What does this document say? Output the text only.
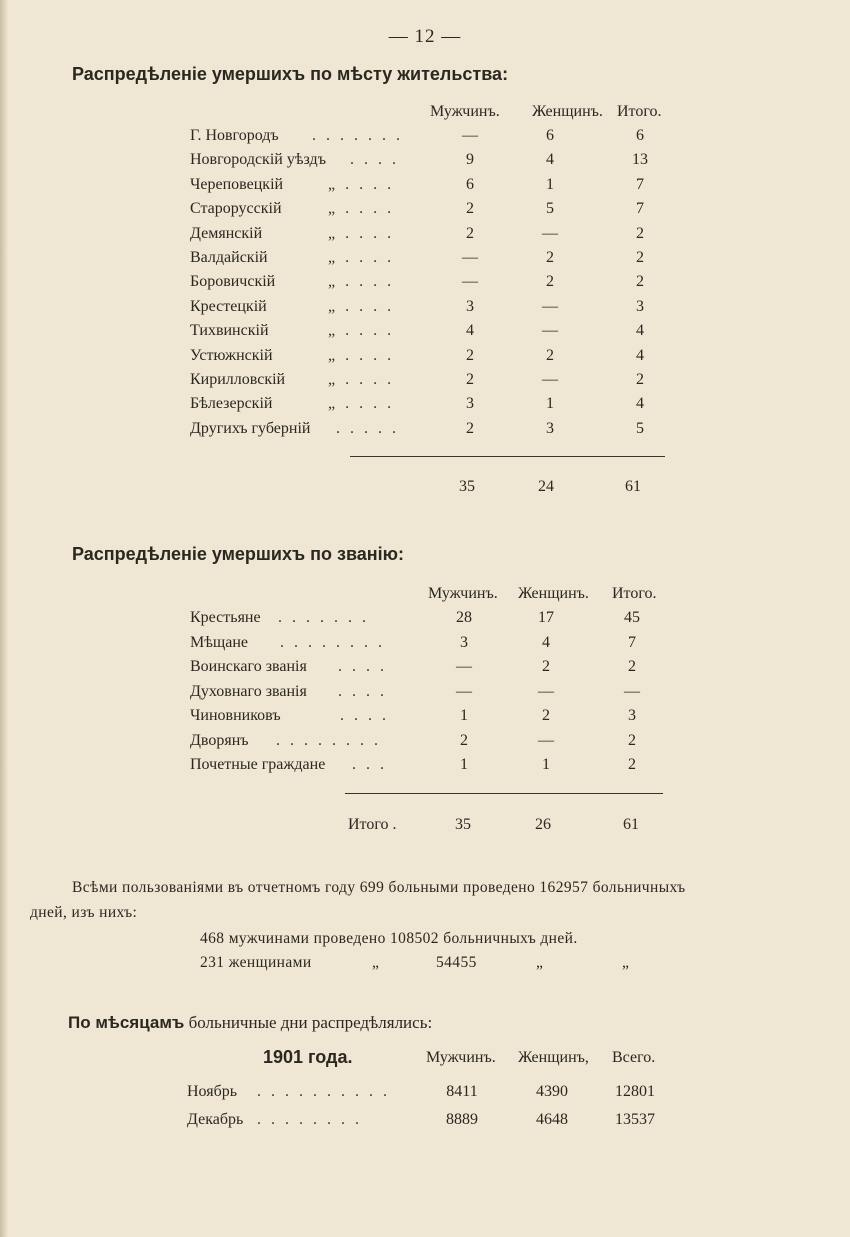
— 12 —
Распредѣленіе умершихъ по мѣсту жительства:
Мужчинъ. Женщинъ. Итого.
Г. Новгородъ . . . . . . .	—	6	6
Новгородскій уѣздъ . . . .	9	4	13
Череповецкій	„ . . . .	6	1	7
Старорусскій	„ . . . .	2	5	7
Демянскій	„ . . . .	2	—	2
Валдайскій	„ . . . .	—	2	2
Боровичскій	„ . . . .	—	2	2
Крестецкій	„ . . . .	3	—	3
Тихвинскій	„ . . . .	4	—	4
Устюжнскій	„ . . . .	2	2	4
Кирилловскій	„ . . . .	2	—	2
Бѣлезерскій	„ . . . .	3	1	4
Другихъ губерній . . . . .	2	3	5
35	24	61
Распредѣленіе умершихъ по званію:
Мужчинъ. Женщинъ. Итого.
Крестьяне . . . . . . .	28	17	45
Мѣщане . . . . . . . .	3	4	7
Воинскаго званія . . . .	—	2	2
Духовнаго званія . . . .	—	—	—
Чиновниковъ	. . . .	1	2	3
Дворянъ . . . . . . . .	2	—	2
Почетные граждане . . .	1	1	2
Итого .	35	26	61
Всѣми пользованіями въ отчетномъ году 699 больными проведено 162957 больничныхъ
дней, изъ нихъ:
468 мужчинами проведено 108502 больничныхъ дней.
231 женщинами	„	54455	„	„
По мѣсяцамъ больничные дни распредѣлялись:
1901 года.	Мужчинъ. Женщинъ, Всего.
Ноябрь . . . . . . . . . .	8411	4390	12801
Декабрь . . . . . . . .	8889	4648	13537
